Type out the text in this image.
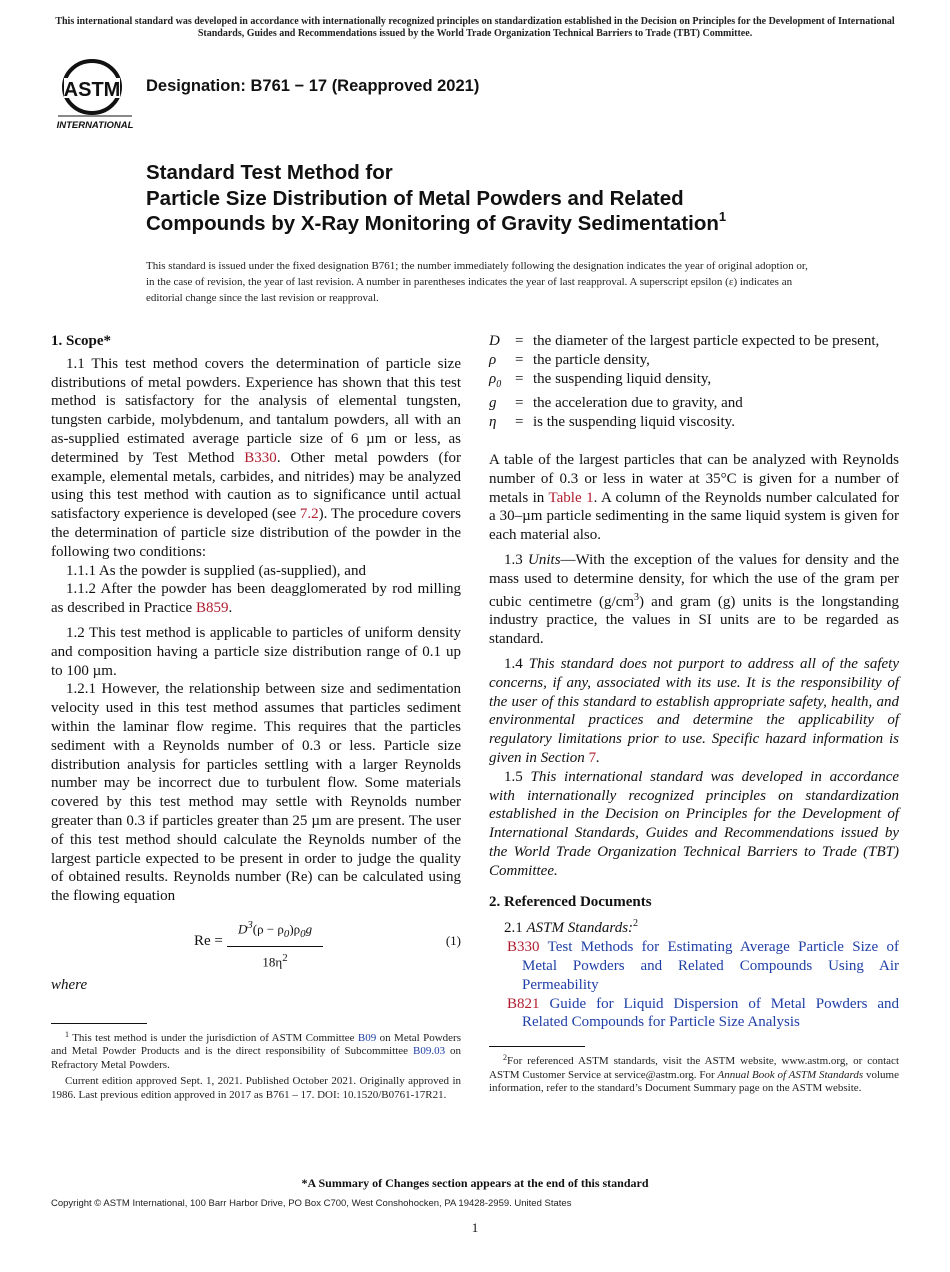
This international standard was developed in accordance with internationally recognized principles on standardization established in the Decision on Principles for the Development of International Standards, Guides and Recommendations issued by the World Trade Organization Technical Barriers to Trade (TBT) Committee.
ASTM
INTERNATIONAL
Designation: B761 − 17 (Reapproved 2021)
Standard Test Method for
Particle Size Distribution of Metal Powders and Related
Compounds by X-Ray Monitoring of Gravity Sedimentation$^1$
This standard is issued under the fixed designation B761; the number immediately following the designation indicates the year of original adoption or, in the case of revision, the year of last revision. A number in parentheses indicates the year of last reapproval. A superscript epsilon (ε) indicates an editorial change since the last revision or reapproval.
1. Scope*

1.1 This test method covers the determination of particle size distributions of metal powders. Experience has shown that this test method is satisfactory for the analysis of elemental tungsten, tungsten carbide, molybdenum, and tantalum powders, all with an as-supplied estimated average particle size of 6 µm or less, as determined by Test Method B330. Other metal powders (for example, elemental metals, carbides, and nitrides) may be analyzed using this test method with caution as to significance until actual satisfactory experience is developed (see 7.2). The procedure covers the determination of particle size distribution of the powder in the following two conditions:

1.1.1 As the powder is supplied (as-supplied), and

1.1.2 After the powder has been deagglomerated by rod milling as described in Practice B859.

1.2 This test method is applicable to particles of uniform density and composition having a particle size distribution range of 0.1 up to 100 µm.

1.2.1 However, the relationship between size and sedimentation velocity used in this test method assumes that particles sediment within the laminar flow regime. This requires that the particles sediment with a Reynolds number of 0.3 or less. Particle size distribution analysis for particles settling with a larger Reynolds number may be incorrect due to turbulent flow. Some materials covered by this test method may settle with Reynolds number greater than 0.3 if particles greater than 25 µm are present. The user of this test method should calculate the Reynolds number of the largest particle expected to be present in order to judge the quality of obtained results. Reynolds number (Re) can be calculated using the flowing equation

$Re = \frac{D^3(\rho - \rho_0)\rho_0g}{18\eta^2}$	(1)
where

$^1$ This test method is under the jurisdiction of ASTM Committee B09 on Metal Powders and Metal Powder Products and is the direct responsibility of Subcommittee B09.03 on Refractory Metal Powders.

Current edition approved Sept. 1, 2021. Published October 2021. Originally approved in 1986. Last previous edition approved in 2017 as B761 – 17. DOI: 10.1520/B0761-17R21.

D	= the diameter of the largest particle expected to be present,
ρ	= the particle density,
$\rho_0$ = the suspending liquid density,
g	= the acceleration due to gravity, and
η	= is the suspending liquid viscosity.

A table of the largest particles that can be analyzed with Reynolds number of 0.3 or less in water at 35°C is given for a number of metals in Table 1. A column of the Reynolds number calculated for a 30–µm particle sedimenting in the same liquid system is given for each material also.

1.3 Units—With the exception of the values for density and the mass used to determine density, for which the use of the gram per cubic centimetre $(g/cm^3)$ and gram (g) units is the longstanding industry practice, the values in SI units are to be regarded as standard.

1.4 This standard does not purport to address all of the safety concerns, if any, associated with its use. It is the responsibility of the user of this standard to establish appropriate safety, health, and environmental practices and determine the applicability of regulatory limitations prior to use. Specific hazard information is given in Section 7.

1.5 This international standard was developed in accordance with internationally recognized principles on standardization established in the Decision on Principles for the Development of International Standards, Guides and Recommendations issued by the World Trade Organization Technical Barriers to Trade (TBT) Committee.

2. Referenced Documents
2.1 ASTM Standards:$^2$
B330 Test Methods for Estimating Average Particle Size of Metal Powders and Related Compounds Using Air Permeability
B821 Guide for Liquid Dispersion of Metal Powders and Related Compounds for Particle Size Analysis

$^2$For referenced ASTM standards, visit the ASTM website, www.astm.org, or contact ASTM Customer Service at service@astm.org. For Annual Book of ASTM Standards volume information, refer to the standard’s Document Summary page on the ASTM website.

*A Summary of Changes section appears at the end of this standard
Copyright © ASTM International, 100 Barr Harbor Drive, PO Box C700, West Conshohocken, PA 19428-2959. United States
1
